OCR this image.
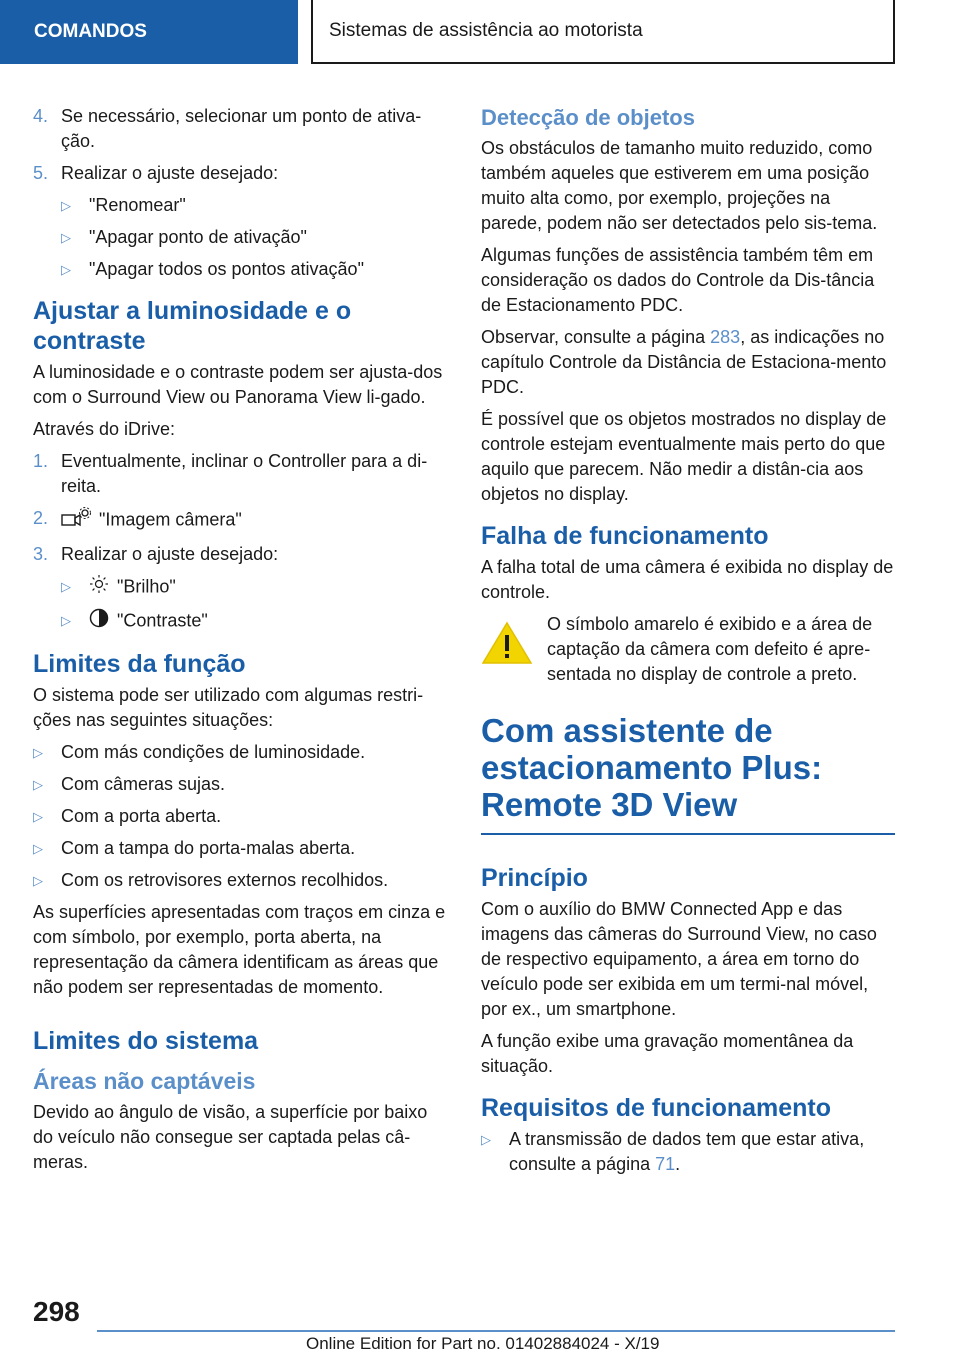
COMANDOS	Sistemas de assistência ao motorista
4. Se necessário, selecionar um ponto de ativa-ção.
5. Realizar o ajuste desejado:
▷	"Renomear"
▷	"Apagar ponto de ativação"
▷	"Apagar todos os pontos ativação"
Ajustar a luminosidade e o contraste

A luminosidade e o contraste podem ser ajusta-dos com o Surround View ou Panorama View li-gado.

Através do iDrive:

1. Eventualmente, inclinar o Controller para a di-reita.
2.	"Imagem câmera"
3. Realizar o ajuste desejado:
▷	"Brilho"
▷	"Contraste"
Limites da função

O sistema pode ser utilizado com algumas restri-ções nas seguintes situações:

▷	Com más condições de luminosidade.
▷	Com câmeras sujas.
▷	Com a porta aberta.
▷	Com a tampa do porta-malas aberta.
▷	Com os retrovisores externos recolhidos.

As superfícies apresentadas com traços em cinza e com símbolo, por exemplo, porta aberta, na representação da câmera identificam as áreas que não podem ser representadas de momento.

Limites do sistema
Áreas não captáveis

Devido ao ângulo de visão, a superfície por baixo do veículo não consegue ser captada pelas câ-meras.

Detecção de objetos

Os obstáculos de tamanho muito reduzido, como também aqueles que estiverem em uma posição muito alta como, por exemplo, projeções na parede, podem não ser detectados pelo sis-tema.

Algumas funções de assistência também têm em consideração os dados do Controle da Dis-tância de Estacionamento PDC.

Observar, consulte a página 283, as indicações no capítulo Controle da Distância de Estaciona-mento PDC.

É possível que os objetos mostrados no display de controle estejam eventualmente mais perto do que aquilo que parecem. Não medir a distân-cia aos objetos no display.

Falha de funcionamento

A falha total de uma câmera é exibida no display de controle.

O símbolo amarelo é exibido e a área de captação da câmera com defeito é apre-sentada no display de controle a preto.

Com assistente de estacionamento Plus: Remote 3D View
Princípio

Com o auxílio do BMW Connected App e das imagens das câmeras do Surround View, no caso de respectivo equipamento, a área em torno do veículo pode ser exibida em um termi-nal móvel, por ex., um smartphone.

A função exibe uma gravação momentânea da situação.

Requisitos de funcionamento
▷	A transmissão de dados tem que estar ativa, consulte a página 71.
298
Online Edition for Part no. 01402884024 - X/19
